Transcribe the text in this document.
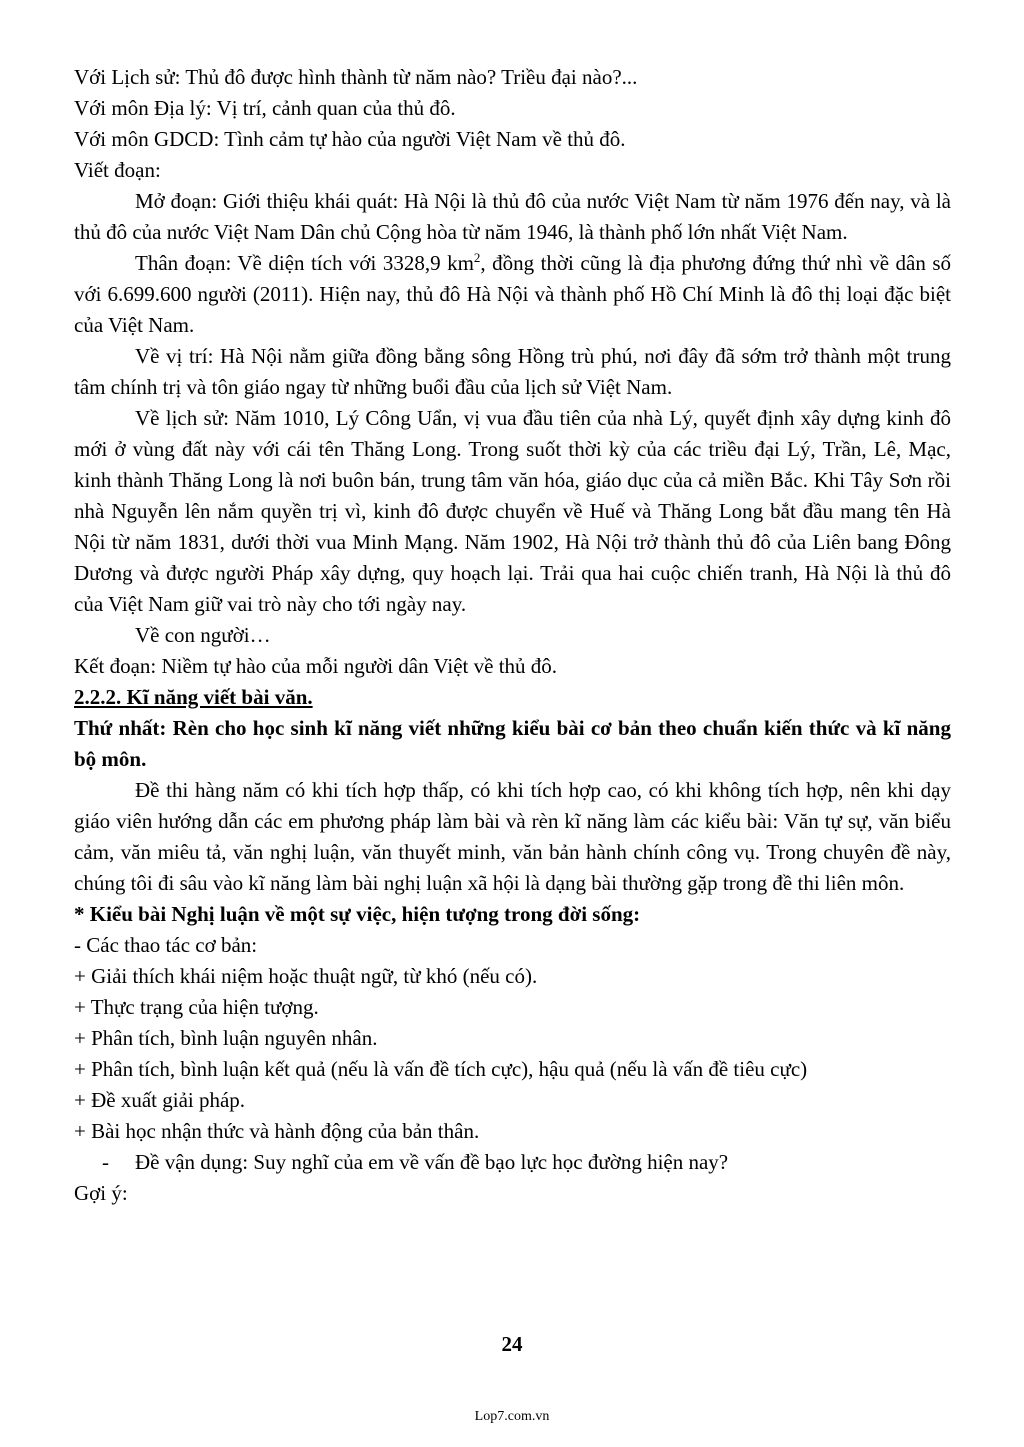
Với Lịch sử: Thủ đô được hình thành từ năm nào? Triều đại nào?...
Với môn Địa lý: Vị trí, cảnh quan của thủ đô.
Với môn GDCD: Tình cảm tự hào của người Việt Nam về thủ đô.
Viết đoạn:
Mở đoạn: Giới thiệu khái quát: Hà Nội là thủ đô của nước Việt Nam từ năm 1976 đến nay, và là thủ đô của nước Việt Nam Dân chủ Cộng hòa từ năm 1946, là thành phố lớn nhất Việt Nam.
Thân đoạn: Về diện tích với 3328,9 $km^2$, đồng thời cũng là địa phương đứng thứ nhì về dân số với 6.699.600 người (2011). Hiện nay, thủ đô Hà Nội và thành phố Hồ Chí Minh là đô thị loại đặc biệt của Việt Nam.
Về vị trí: Hà Nội nằm giữa đồng bằng sông Hồng trù phú, nơi đây đã sớm trở thành một trung tâm chính trị và tôn giáo ngay từ những buổi đầu của lịch sử Việt Nam.
Về lịch sử: Năm 1010, Lý Công Uẩn, vị vua đầu tiên của nhà Lý, quyết định xây dựng kinh đô mới ở vùng đất này với cái tên Thăng Long. Trong suốt thời kỳ của các triều đại Lý, Trần, Lê, Mạc, kinh thành Thăng Long là nơi buôn bán, trung tâm văn hóa, giáo dục của cả miền Bắc. Khi Tây Sơn rồi nhà Nguyễn lên nắm quyền trị vì, kinh đô được chuyển về Huế và Thăng Long bắt đầu mang tên Hà Nội từ năm 1831, dưới thời vua Minh Mạng. Năm 1902, Hà Nội trở thành thủ đô của Liên bang Đông Dương và được người Pháp xây dựng, quy hoạch lại. Trải qua hai cuộc chiến tranh, Hà Nội là thủ đô của Việt Nam giữ vai trò này cho tới ngày nay.
Về con người…
Kết đoạn: Niềm tự hào của mỗi người dân Việt về thủ đô.
2.2.2. Kĩ năng viết bài văn.
Thứ nhất: Rèn cho học sinh kĩ năng viết những kiểu bài cơ bản theo chuẩn kiến thức và kĩ năng bộ môn.
Đề thi hàng năm có khi tích hợp thấp, có khi tích hợp cao, có khi không tích hợp, nên khi dạy giáo viên hướng dẫn các em phương pháp làm bài và rèn kĩ năng làm các kiểu bài: Văn tự sự, văn biểu cảm, văn miêu tả, văn nghị luận, văn thuyết minh, văn bản hành chính công vụ. Trong chuyên đề này, chúng tôi đi sâu vào kĩ năng làm bài nghị luận xã hội là dạng bài thường gặp trong đề thi liên môn.
* Kiểu bài Nghị luận về một sự việc, hiện tượng trong đời sống:
- Các thao tác cơ bản:
+ Giải thích khái niệm hoặc thuật ngữ, từ khó (nếu có).
+ Thực trạng của hiện tượng.
+ Phân tích, bình luận nguyên nhân.
+ Phân tích, bình luận kết quả (nếu là vấn đề tích cực), hậu quả (nếu là vấn đề tiêu cực)
+ Đề xuất giải pháp.
+ Bài học nhận thức và hành động của bản thân.
- Đề vận dụng: Suy nghĩ của em về vấn đề bạo lực học đường hiện nay?
Gợi ý:
24
Lop7.com.vn
